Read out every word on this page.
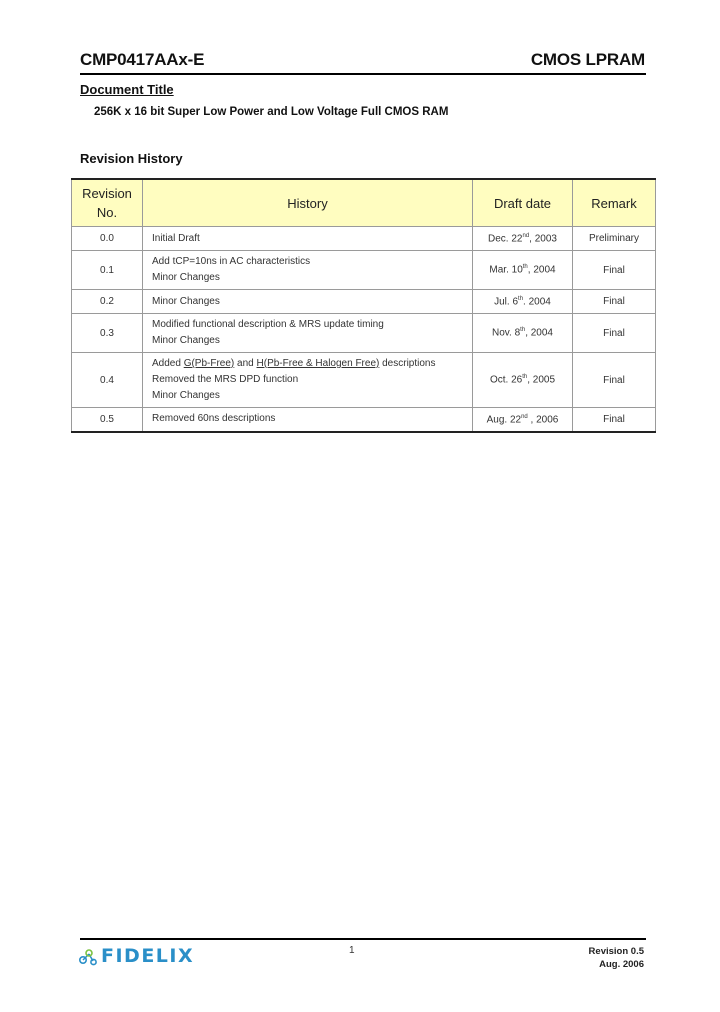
CMP0417AAx-E	CMOS LPRAM
Document Title
256K x 16 bit Super Low Power and Low Voltage Full CMOS RAM
Revision History
Revision
No.	History	Draft date	Remark
0.0	Initial Draft	Dec. 22nd, 2003	Preliminary
0.1	Add tCP=10ns in AC characteristics
Minor Changes	Mar. 10th, 2004	Final
0.2	Minor Changes	Jul. 6th. 2004	Final
0.3	Modified functional description & MRS update timing
Minor Changes	Nov. 8th, 2004	Final
0.4	Added G(Pb-Free) and H(Pb-Free & Halogen Free) descriptions
Removed the MRS DPD function
Minor Changes	Oct. 26th, 2005	Final
0.5	Removed 60ns descriptions	Aug. 22nd , 2006	Final
FIDELIX	1	Revision 0.5
Aug. 2006
